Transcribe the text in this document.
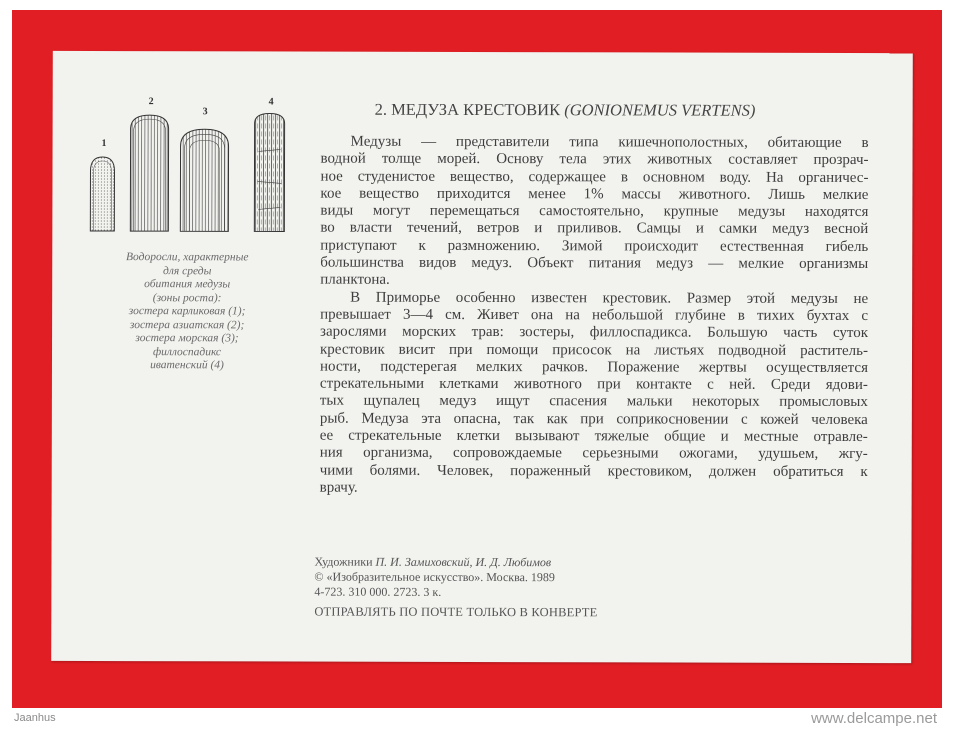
1
2
3
4
Водоросли, характерные
для среды
обитания медузы
(зоны роста):
зостера карликовая (1);
зостера азиатская (2);
зостера морская (3);
филлоспадикс
иватенский (4)
2. МЕДУЗА КРЕСТОВИК (GONIONEMUS VERTENS)
Медузы — представители типа кишечнополостных, обитающие в
водной толще морей. Основу тела этих животных составляет прозрач-
ное студенистое вещество, содержащее в основном воду. На органичес-
кое вещество приходится менее 1% массы животного. Лишь мелкие
виды могут перемещаться самостоятельно, крупные медузы находятся
во власти течений, ветров и приливов. Самцы и самки медуз весной
приступают к размножению. Зимой происходит естественная гибель
большинства видов медуз. Объект питания медуз — мелкие организмы
планктона.
В Приморье особенно известен крестовик. Размер этой медузы не
превышает 3—4 см. Живет она на небольшой глубине в тихих бухтах с
зарослями морских трав: зостеры, филлоспадикса. Большую часть суток
крестовик висит при помощи присосок на листьях подводной раститель-
ности, подстерегая мелких рачков. Поражение жертвы осуществляется
стрекательными клетками животного при контакте с ней. Среди ядови-
тых щупалец медуз ищут спасения мальки некоторых промысловых
рыб. Медуза эта опасна, так как при соприкосновении с кожей человека
ее стрекательные клетки вызывают тяжелые общие и местные отравле-
ния организма, сопровождаемые серьезными ожогами, удушьем, жгу-
чими болями. Человек, пораженный крестовиком, должен обратиться к
врачу.
Художники П. И. Замиховский, И. Д. Любимов
© «Изобразительное искусство». Москва. 1989
4-723. 310 000. 2723. 3 к.
ОТПРАВЛЯТЬ ПО ПОЧТЕ ТОЛЬКО В КОНВЕРТЕ
Jaanhus	www.delcampe.net
